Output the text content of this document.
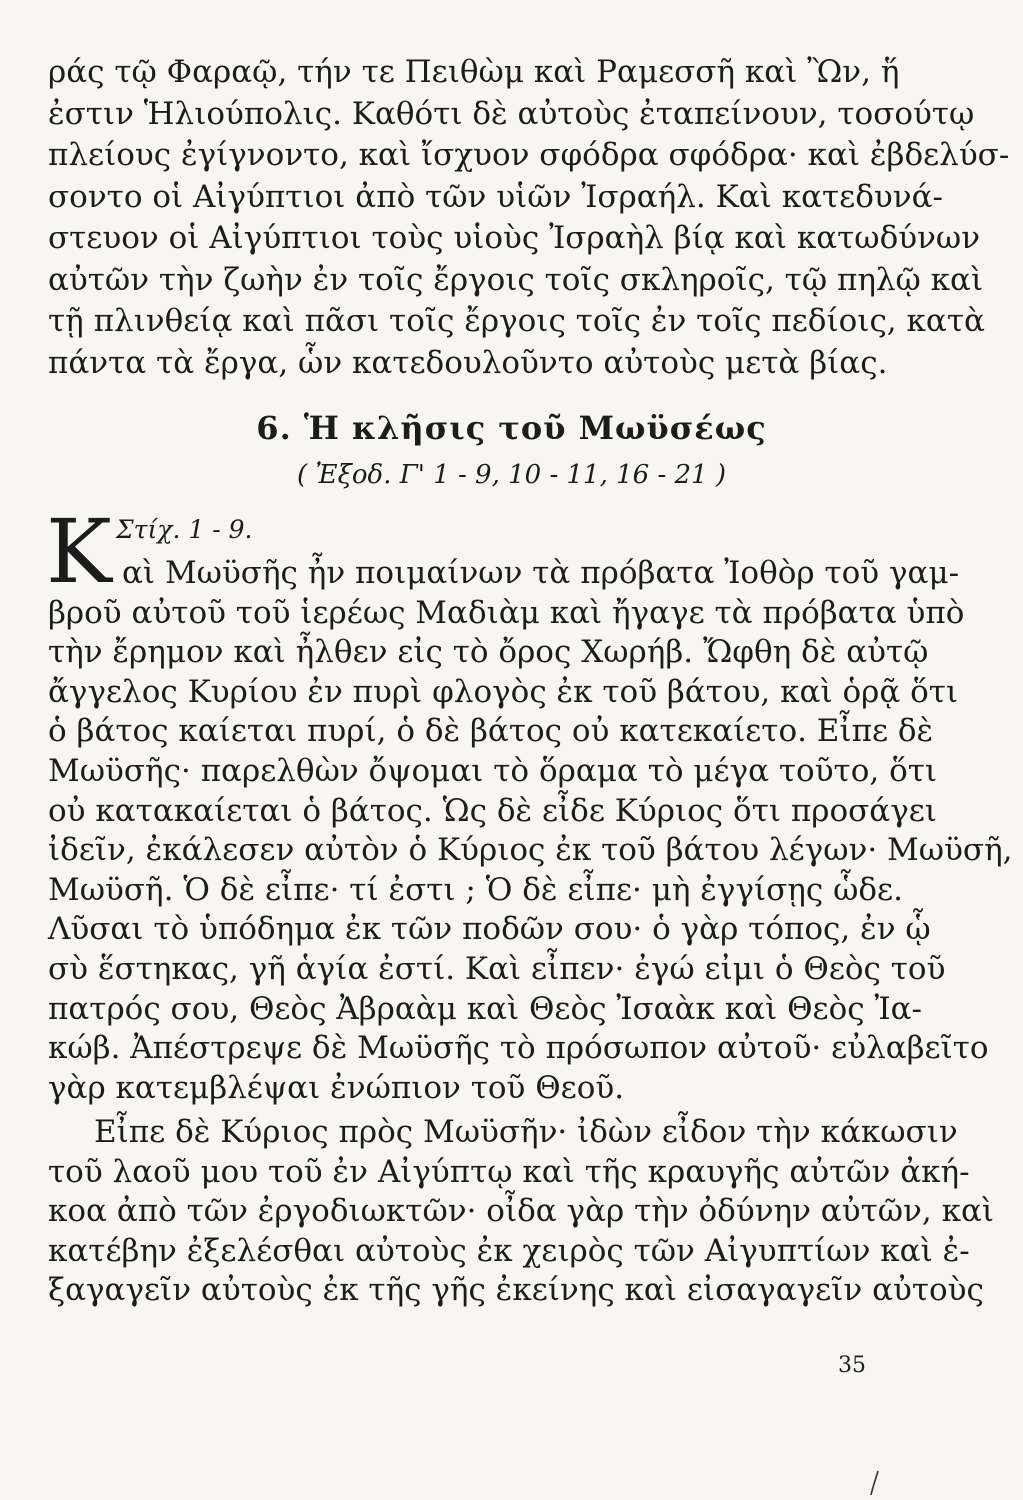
ράς τῷ Φαραῷ, τήν τε Πειθὼμ καὶ Ραμεσσῆ καὶ Ὢν, ἥ
ἐστιν Ἡλιούπολις. Καθότι δὲ αὐτοὺς ἐταπείνουν, τοσούτῳ
πλείους ἐγίγνοντο, καὶ ἴσχυον σφόδρα σφόδρα· καὶ ἐβδελύσ-
σοντο οἱ Αἰγύπτιοι ἀπὸ τῶν υἱῶν Ἰσραήλ. Καὶ κατεδυνά-
στευον οἱ Αἰγύπτιοι τοὺς υἱοὺς Ἰσραὴλ βίᾳ καὶ κατωδύνων
αὐτῶν τὴν ζωὴν ἐν τοῖς ἔργοις τοῖς σκληροῖς, τῷ πηλῷ καὶ
τῇ πλινθείᾳ καὶ πᾶσι τοῖς ἔργοις τοῖς ἐν τοῖς πεδίοις, κατὰ
πάντα τὰ ἔργα, ὧν κατεδουλοῦντο αὐτοὺς μετὰ βίας.
6. Ἡ κλῆσις τοῦ Μωϋσέως
( Ἐξοδ. Γ' 1 - 9, 10 - 11, 16 - 21 )
Κ Στίχ. 1 - 9.
αὶ Μωϋσῆς ἦν ποιμαίνων τὰ πρόβατα Ἰοθὸρ τοῦ γαμ-
βροῦ αὐτοῦ τοῦ ἱερέως Μαδιὰμ καὶ ἤγαγε τὰ πρόβατα ὑπὸ
τὴν ἔρημον καὶ ἦλθεν εἰς τὸ ὄρος Χωρήβ. Ὤφθη δὲ αὐτῷ
ἄγγελος Κυρίου ἐν πυρὶ φλογὸς ἐκ τοῦ βάτου, καὶ ὁρᾷ ὅτι
ὁ βάτος καίεται πυρί, ὁ δὲ βάτος οὐ κατεκαίετο. Εἶπε δὲ
Μωϋσῆς· παρελθὼν ὄψομαι τὸ ὅραμα τὸ μέγα τοῦτο, ὅτι
οὐ κατακαίεται ὁ βάτος. Ὡς δὲ εἶδε Κύριος ὅτι προσάγει
ἰδεῖν, ἐκάλεσεν αὐτὸν ὁ Κύριος ἐκ τοῦ βάτου λέγων· Μωϋσῆ,
Μωϋσῆ. Ὁ δὲ εἶπε· τί ἐστι ; Ὁ δὲ εἶπε· μὴ ἐγγίσῃς ὧδε.
Λῦσαι τὸ ὑπόδημα ἐκ τῶν ποδῶν σου· ὁ γὰρ τόπος, ἐν ᾧ
σὺ ἕστηκας, γῆ ἁγία ἐστί. Καὶ εἶπεν· ἐγώ εἰμι ὁ Θεὸς τοῦ
πατρός σου, Θεὸς Ἀβραὰμ καὶ Θεὸς Ἰσαὰκ καὶ Θεὸς Ἰα-
κώβ. Ἀπέστρεψε δὲ Μωϋσῆς τὸ πρόσωπον αὐτοῦ· εὐλαβεῖτο
γὰρ κατεμβλέψαι ἐνώπιον τοῦ Θεοῦ.
Εἶπε δὲ Κύριος πρὸς Μωϋσῆν· ἰδὼν εἶδον τὴν κάκωσιν
τοῦ λαοῦ μου τοῦ ἐν Αἰγύπτῳ καὶ τῆς κραυγῆς αὐτῶν ἀκή-
κοα ἀπὸ τῶν ἐργοδιωκτῶν· οἶδα γὰρ τὴν ὀδύνην αὐτῶν, καὶ
κατέβην ἐξελέσθαι αὐτοὺς ἐκ χειρὸς τῶν Αἰγυπτίων καὶ ἐ-
ξαγαγεῖν αὐτοὺς ἐκ τῆς γῆς ἐκείνης καὶ εἰσαγαγεῖν αὐτοὺς
35
